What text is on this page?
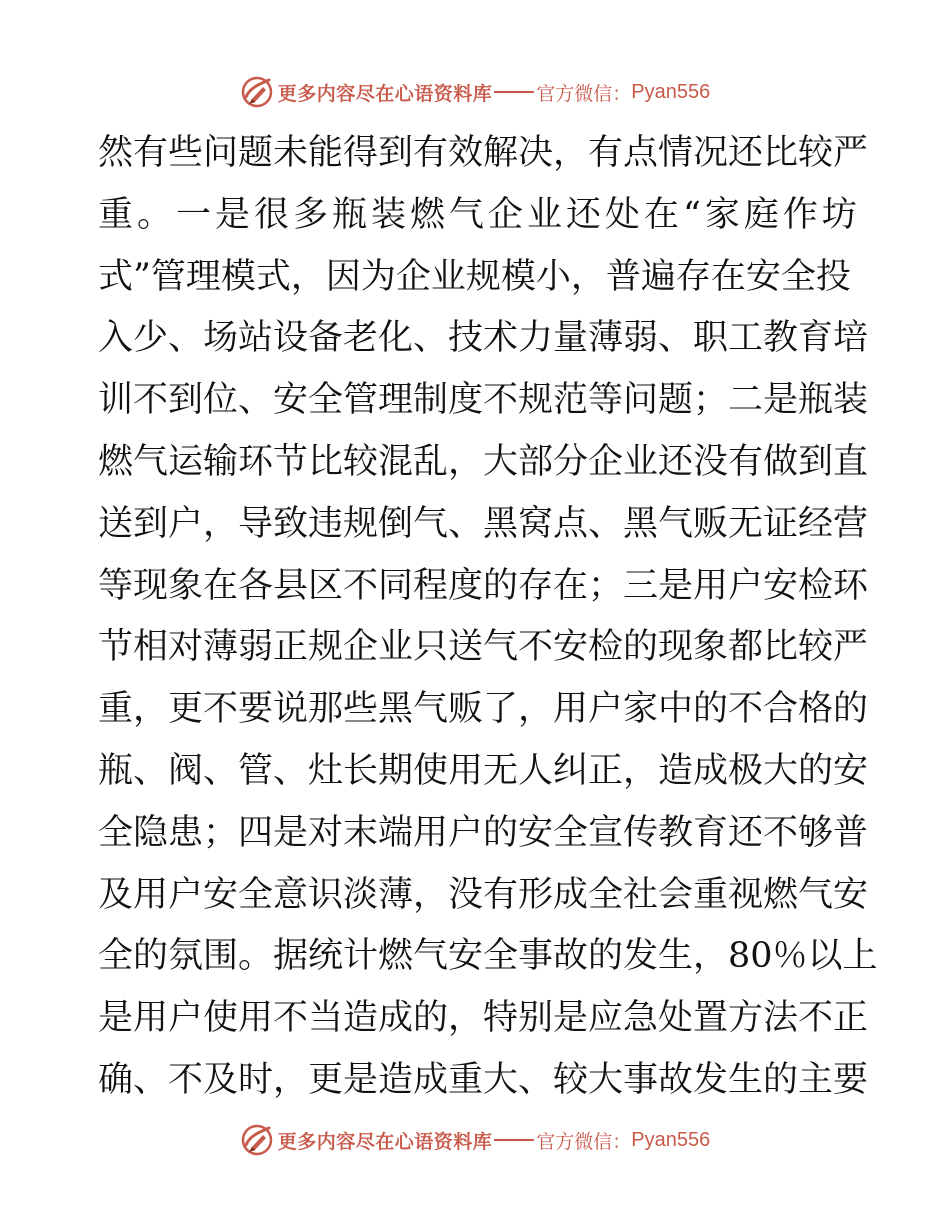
更多内容尽在心语资料库 官方微信： Pyan556
然有些问题未能得到有效解决，有点情况还比较严
重。一是很多瓶装燃气企业还处在“家庭作坊
式”管理模式，因为企业规模小，普遍存在安全投
入少、场站设备老化、技术力量薄弱、职工教育培
训不到位、安全管理制度不规范等问题；二是瓶装
燃气运输环节比较混乱，大部分企业还没有做到直
送到户，导致违规倒气、黑窝点、黑气贩无证经营
等现象在各县区不同程度的存在；三是用户安检环
节相对薄弱正规企业只送气不安检的现象都比较严
重，更不要说那些黑气贩了，用户家中的不合格的
瓶、阀、管、灶长期使用无人纠正，造成极大的安
全隐患；四是对末端用户的安全宣传教育还不够普
及用户安全意识淡薄，没有形成全社会重视燃气安
全的氛围。据统计燃气安全事故的发生，80％以上
是用户使用不当造成的，特别是应急处置方法不正
确、不及时，更是造成重大、较大事故发生的主要
更多内容尽在心语资料库 官方微信： Pyan556
